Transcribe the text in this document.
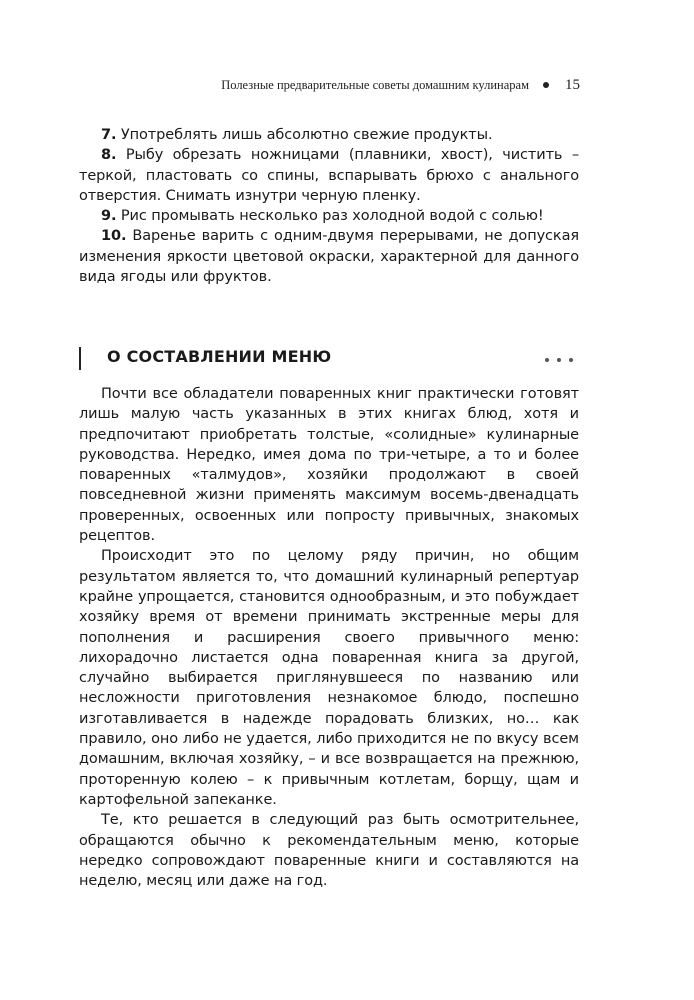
Полезные предварительные советы домашним кулинарам 15

7. Употреблять лишь абсолютно свежие продукты.

8. Рыбу обрезать ножницами (плавники, хвост), чистить – теркой, пластовать со спины, вспарывать брюхо с анального отверстия. Снимать изнутри черную пленку.

9. Рис промывать несколько раз холодной водой с солью!

10. Варенье варить с одним-двумя перерывами, не допуская изменения яркости цветовой окраски, характерной для данного вида ягоды или фруктов.

О СОСТАВЛЕНИИ МЕНЮ

Почти все обладатели поваренных книг практически готовят лишь малую часть указанных в этих книгах блюд, хотя и предпочитают приобретать толстые, «солидные» кулинарные руководства. Нередко, имея дома по три-четыре, а то и более поваренных «талмудов», хозяйки продолжают в своей повседневной жизни применять максимум восемь-двенадцать проверенных, освоенных или попросту привычных, знакомых рецептов.

Происходит это по целому ряду причин, но общим результатом является то, что домашний кулинарный репертуар крайне упрощается, становится однообразным, и это побуждает хозяйку время от времени принимать экстренные меры для пополнения и расширения своего привычного меню: лихорадочно листается одна поваренная книга за другой, случайно выбирается приглянувшееся по названию или несложности приготовления незнакомое блюдо, поспешно изготавливается в надежде порадовать близких, но… как правило, оно либо не удается, либо приходится не по вкусу всем домашним, включая хозяйку, – и все возвращается на прежнюю, проторенную колею – к привычным котлетам, борщу, щам и картофельной запеканке.

Те, кто решается в следующий раз быть осмотрительнее, обращаются обычно к рекомендательным меню, которые нередко сопровождают поваренные книги и составляются на неделю, месяц или даже на год.
